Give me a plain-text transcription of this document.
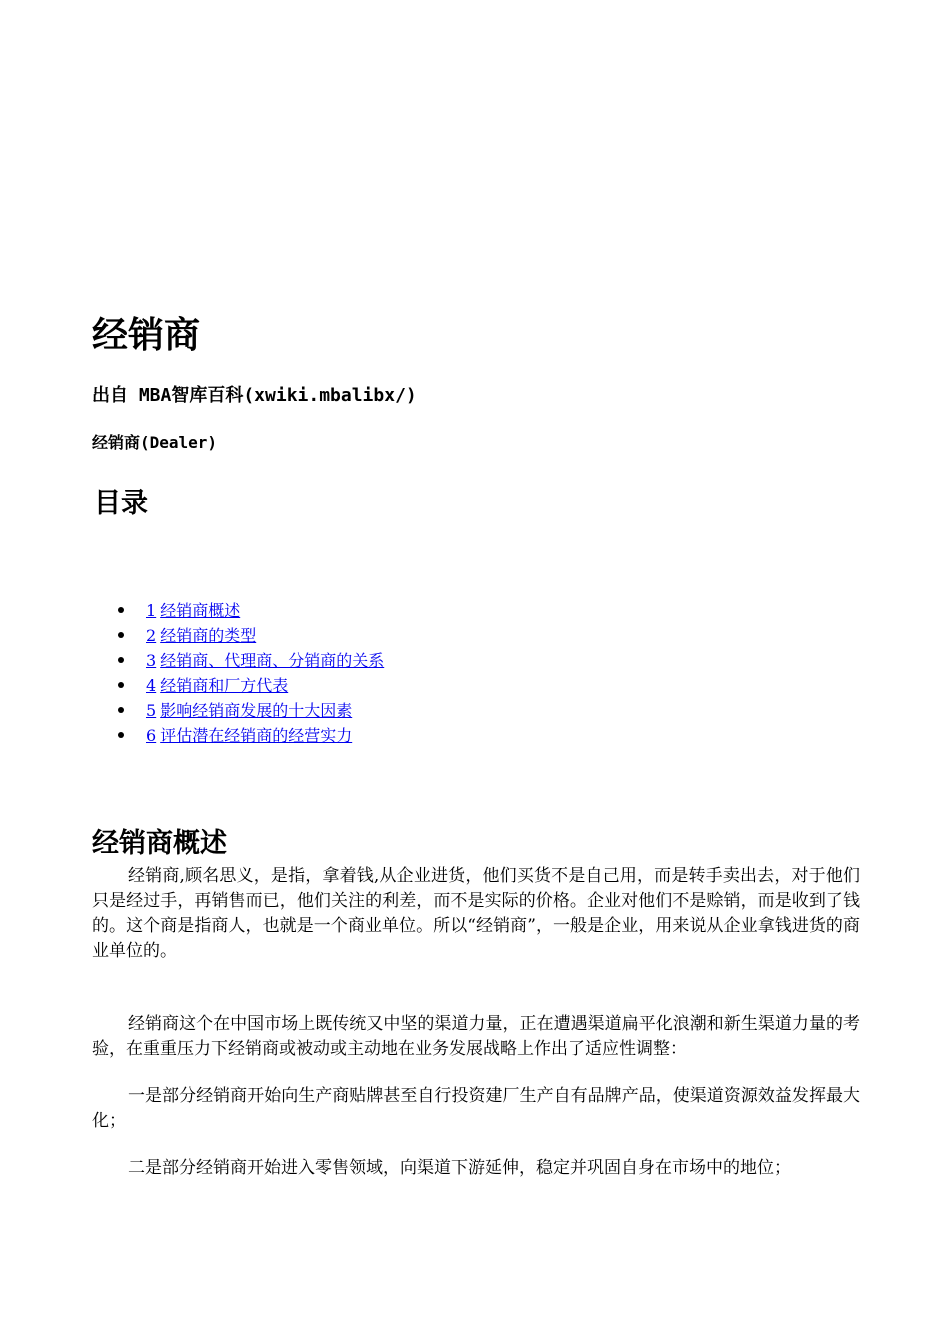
经销商

出自 MBA智库百科(xwiki.mbalibx/)

经销商(Dealer)

目录
1 经销商概述
2 经销商的类型
3 经销商、代理商、分销商的关系
4 经销商和厂方代表
5 影响经销商发展的十大因素
6 评估潜在经销商的经营实力
经销商概述

经销商,顾名思义，是指，拿着钱,从企业进货，他们买货不是自己用，而是转手卖出去，对于他们只是经过手，再销售而已，他们关注的利差，而不是实际的价格。企业对他们不是赊销，而是收到了钱的。这个商是指商人，也就是一个商业单位。所以“经销商”，一般是企业，用来说从企业拿钱进货的商业单位的。

经销商这个在中国市场上既传统又中坚的渠道力量，正在遭遇渠道扁平化浪潮和新生渠道力量的考验，在重重压力下经销商或被动或主动地在业务发展战略上作出了适应性调整：

一是部分经销商开始向生产商贴牌甚至自行投资建厂生产自有品牌产品，使渠道资源效益发挥最大化；

二是部分经销商开始进入零售领域，向渠道下游延伸，稳定并巩固自身在市场中的地位；
